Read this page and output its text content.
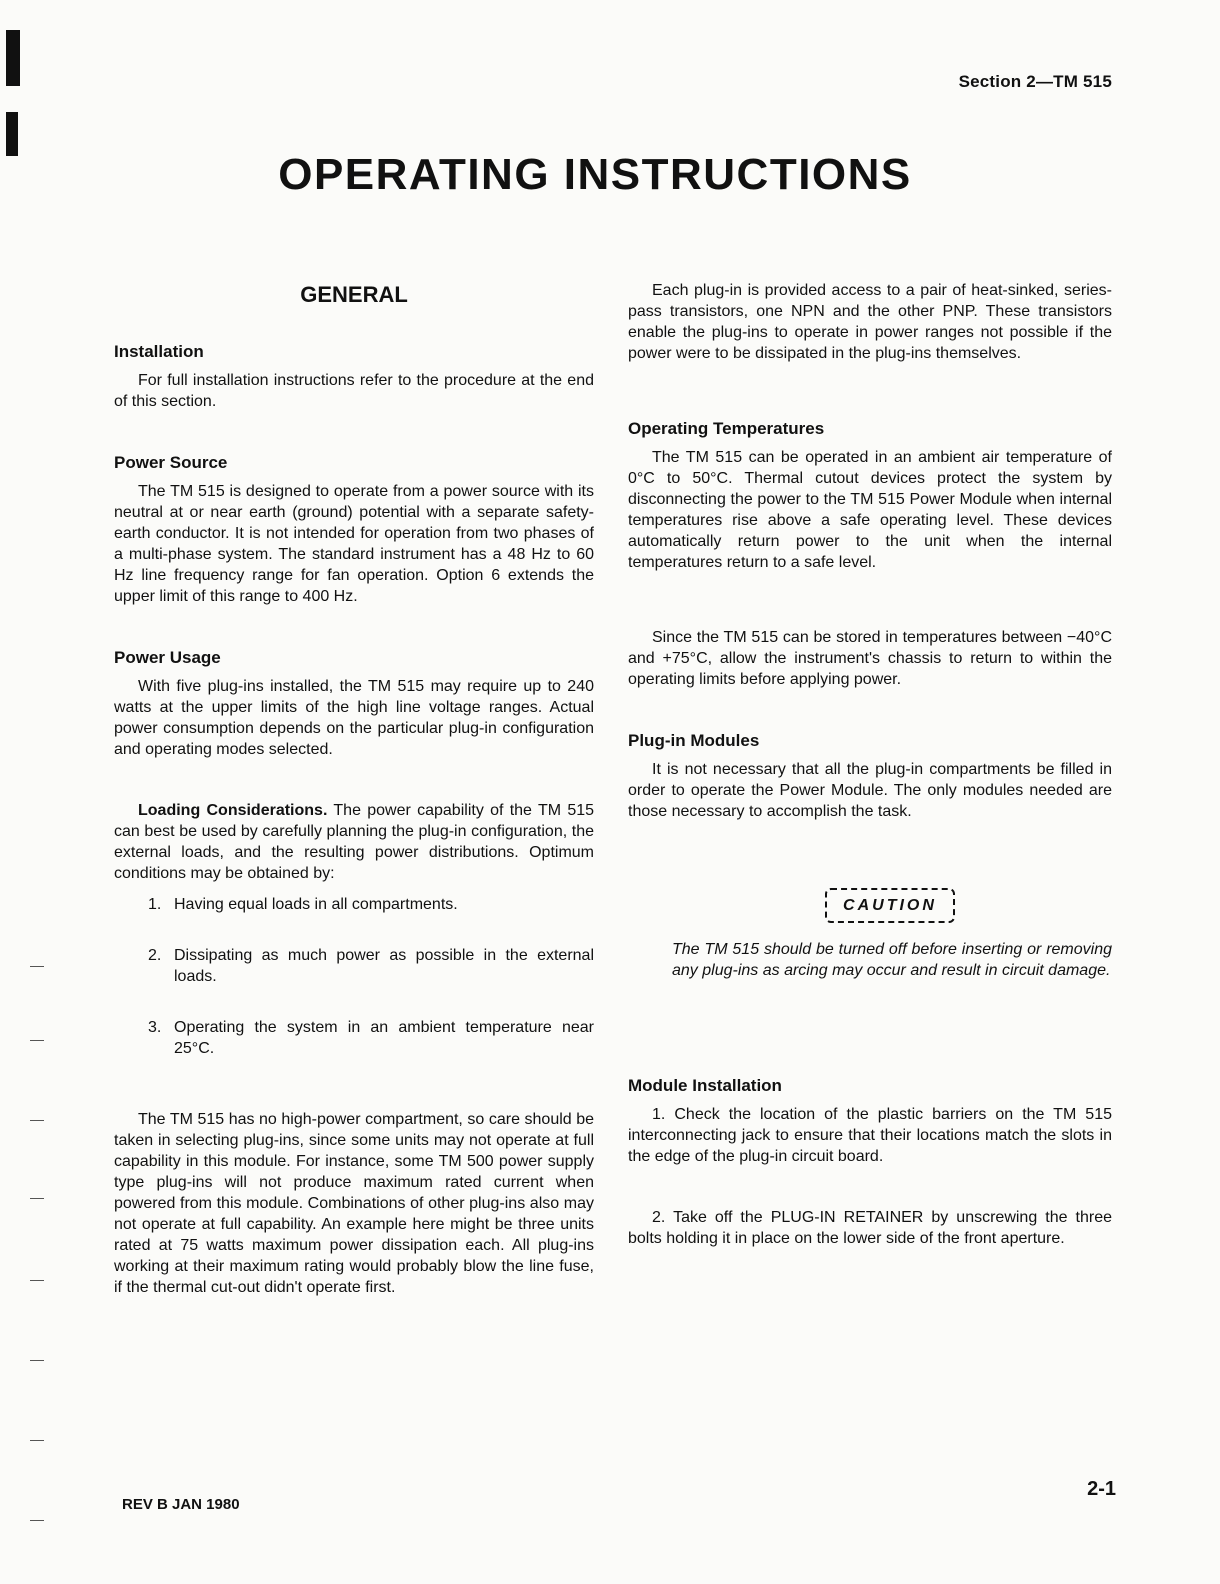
Section 2—TM 515
OPERATING INSTRUCTIONS
GENERAL
Installation

For full installation instructions refer to the procedure at the end of this section.

Power Source

The TM 515 is designed to operate from a power source with its neutral at or near earth (ground) potential with a separate safety-earth conductor. It is not intended for operation from two phases of a multi-phase system. The standard instrument has a 48 Hz to 60 Hz line frequency range for fan operation. Option 6 extends the upper limit of this range to 400 Hz.

Power Usage

With five plug-ins installed, the TM 515 may require up to 240 watts at the upper limits of the high line voltage ranges. Actual power consumption depends on the particular plug-in configuration and operating modes selected.

Loading Considerations. The power capability of the TM 515 can best be used by carefully planning the plug-in configuration, the external loads, and the resulting power distributions. Optimum conditions may be obtained by:

1. Having equal loads in all compartments.
2. Dissipating as much power as possible in the external loads.
3. Operating the system in an ambient temperature near 25°C.

The TM 515 has no high-power compartment, so care should be taken in selecting plug-ins, since some units may not operate at full capability in this module. For instance, some TM 500 power supply type plug-ins will not produce maximum rated current when powered from this module. Combinations of other plug-ins also may not operate at full capability. An example here might be three units rated at 75 watts maximum power dissipation each. All plug-ins working at their maximum rating would probably blow the line fuse, if the thermal cut-out didn't operate first.

Each plug-in is provided access to a pair of heat-sinked, series-pass transistors, one NPN and the other PNP. These transistors enable the plug-ins to operate in power ranges not possible if the power were to be dissipated in the plug-ins themselves.

Operating Temperatures

The TM 515 can be operated in an ambient air temperature of 0°C to 50°C. Thermal cutout devices protect the system by disconnecting the power to the TM 515 Power Module when internal temperatures rise above a safe operating level. These devices automatically return power to the unit when the internal temperatures return to a safe level.

Since the TM 515 can be stored in temperatures between −40°C and +75°C, allow the instrument's chassis to return to within the operating limits before applying power.

Plug-in Modules

It is not necessary that all the plug-in compartments be filled in order to operate the Power Module. The only modules needed are those necessary to accomplish the task.

CAUTION

The TM 515 should be turned off before inserting or removing any plug-ins as arcing may occur and result in circuit damage.

Module Installation

1. Check the location of the plastic barriers on the TM 515 interconnecting jack to ensure that their locations match the slots in the edge of the plug-in circuit board.

2. Take off the PLUG-IN RETAINER by unscrewing the three bolts holding it in place on the lower side of the front aperture.

REV B JAN 1980
2-1
